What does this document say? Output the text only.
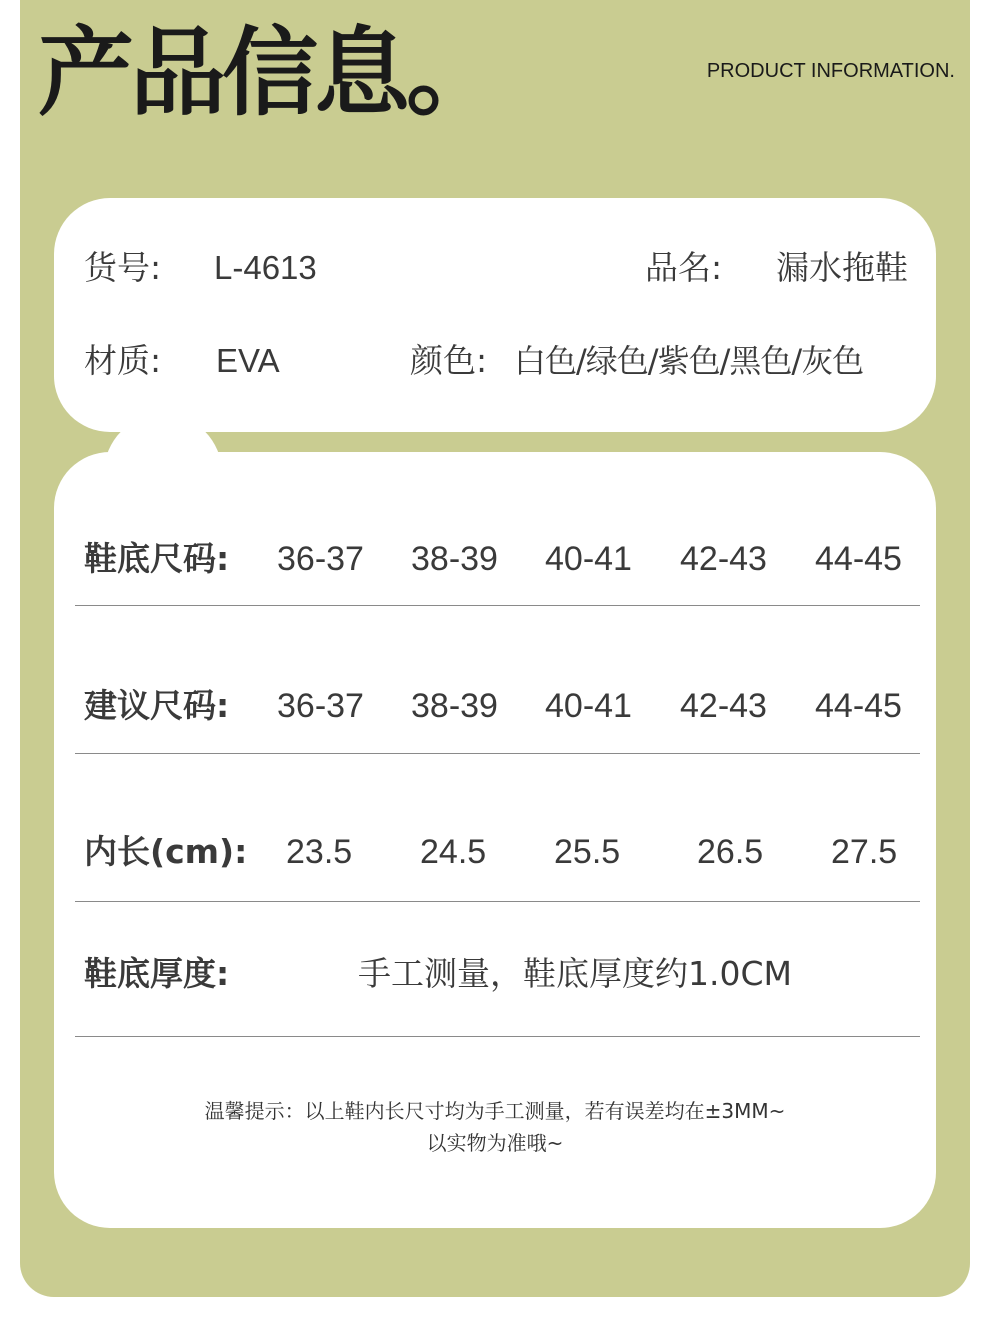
产品信息。	PRODUCT INFORMATION.
货号: L-4613	品名: 漏水拖鞋
材质: EVA	颜色: 白色/绿色/紫色/黑色/灰色
鞋底尺码: 36-37 38-39 40-41 42-43 44-45
建议尺码: 36-37 38-39 40-41 42-43 44-45
内长(cm): 23.5 24.5 25.5 26.5 27.5
鞋底厚度:	手工测量，鞋底厚度约1.0CM
温馨提示：以上鞋内长尺寸均为手工测量，若有误差均在±3MM~
以实物为准哦~
